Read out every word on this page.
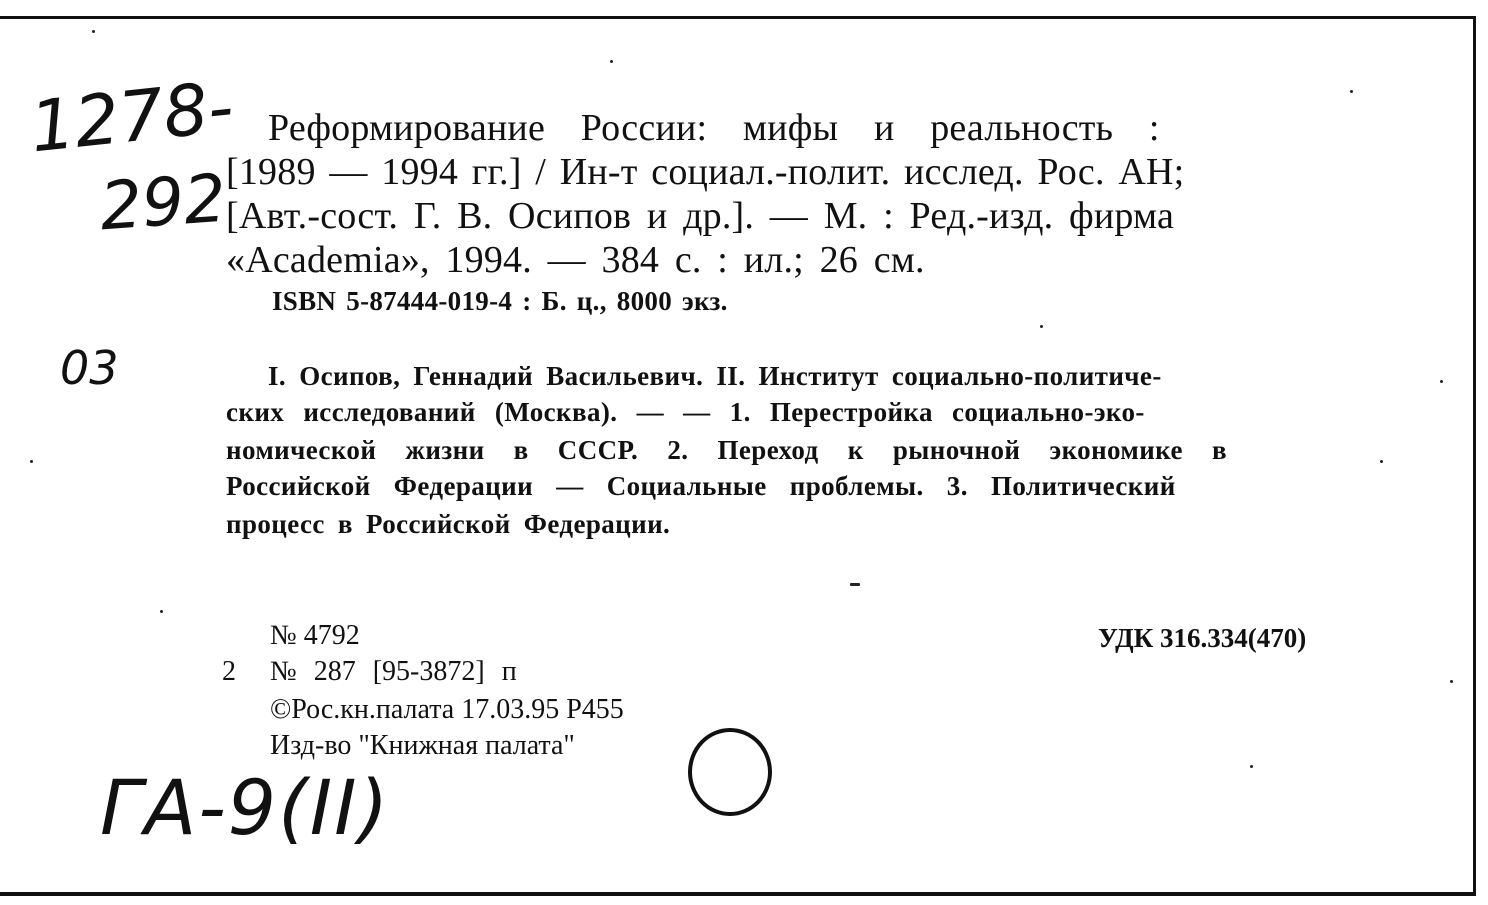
1278-
292
03
ГА-9(II)
Реформирование России: мифы и реальность :
[1989 — 1994 гг.] / Ин-т социал.-полит. исслед. Рос. АН;
[Авт.-сост. Г. В. Осипов и др.]. — М. : Ред.-изд. фирма
«Academia», 1994. — 384 с. : ил.; 26 см.
ISBN 5-87444-019-4 : Б. ц., 8000 экз.
I. Осипов, Геннадий Васильевич. II. Институт социально-политиче-
ских исследований (Москва). — — 1. Перестройка социально-эко-
номической жизни в СССР. 2. Переход к рыночной экономике в
Российской Федерации — Социальные проблемы. 3. Политический
процесс в Российской Федерации.
№ 4792
2 № 287 [95-3872] п
©Рос.кн.палата 17.03.95 Р455
Изд-во "Книжная палата"
УДК 316.334(470)
